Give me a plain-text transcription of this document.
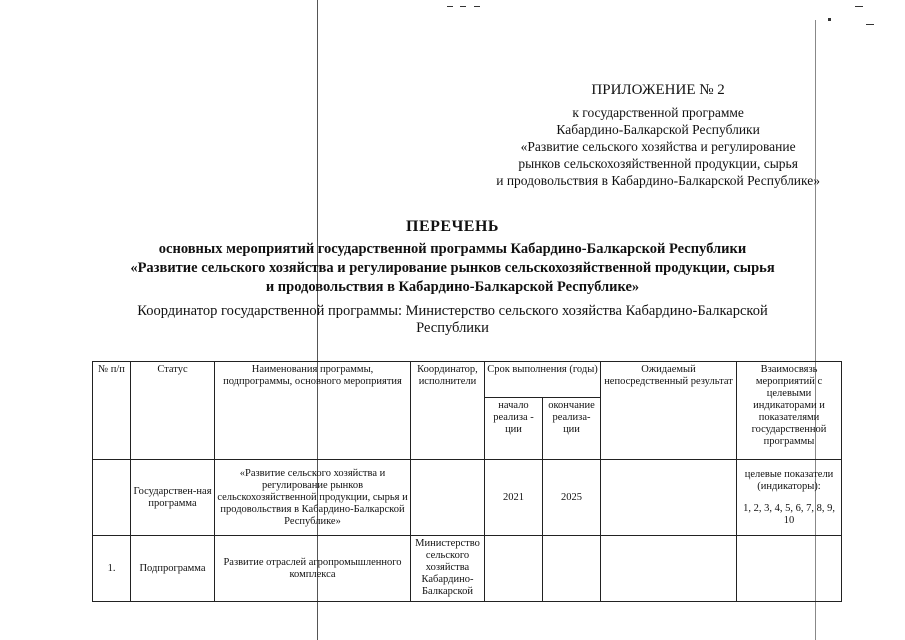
ПРИЛОЖЕНИЕ № 2
к государственной программе
Кабардино-Балкарской Республики
«Развитие сельского хозяйства и регулирование
рынков сельскохозяйственной продукции, сырья
и продовольствия в Кабардино-Балкарской Республике»
ПЕРЕЧЕНЬ
основных мероприятий государственной программы Кабардино-Балкарской Республики
«Развитие сельского хозяйства и регулирование рынков сельскохозяйственной продукции, сырья
и продовольствия в Кабардино-Балкарской Республике»
Координатор государственной программы: Министерство сельского хозяйства Кабардино-Балкарской
Республики
№ п/п	Статус	Наименования программы, подпрограммы, основного мероприятия	Координатор, исполнители	Срок выполнения (годы)		Ожидаемый непосредственный результат	Взаимосвязь мероприятий с целевыми индикаторами и показателями государственной программы
				начало реализа - ции	окончание реализа- ции		
	Государствен-ная программа	«Развитие сельского хозяйства и регулирование рынков сельскохозяйственной продукции, сырья и продовольствия в Кабардино-Балкарской Республике»		2021	2025		целевые показатели (индикаторы):
1, 2, 3, 4, 5, 6, 7, 8, 9, 10

1.	Подпрограмма	Развитие отраслей агропромышленного комплекса	Министерство сельского хозяйства Кабардино-Балкарской				
